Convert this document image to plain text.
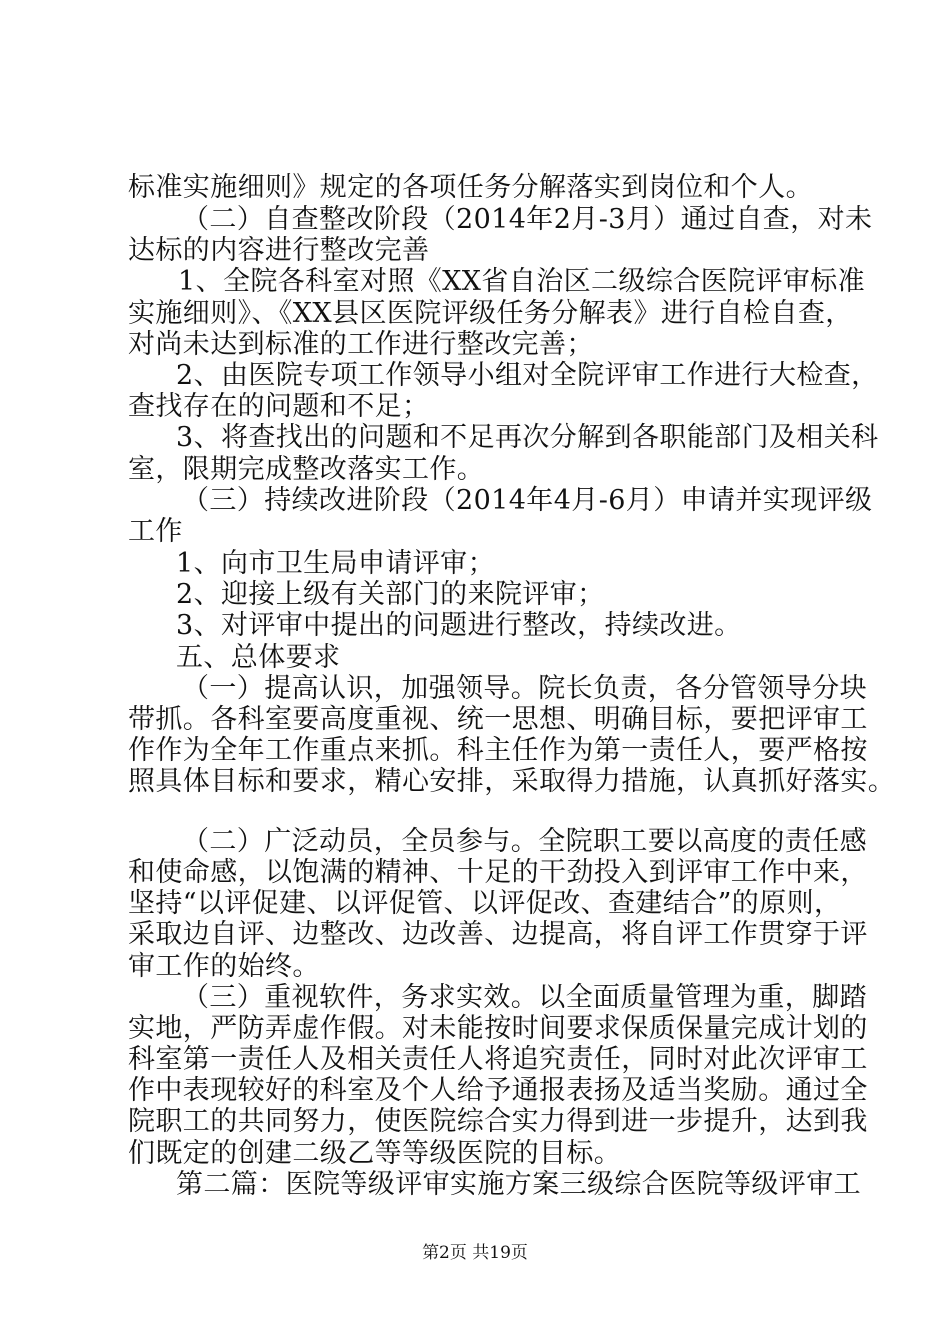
标准实施细则》规定的各项任务分解落实到岗位和个人。
（二）自查整改阶段（2014年2月-3月）通过自查，对未
达标的内容进行整改完善
1、全院各科室对照《XX省自治区二级综合医院评审标准
实施细则》、《XX县区医院评级任务分解表》进行自检自查，
对尚未达到标准的工作进行整改完善；
2、由医院专项工作领导小组对全院评审工作进行大检查，
查找存在的问题和不足；
3、将查找出的问题和不足再次分解到各职能部门及相关科
室，限期完成整改落实工作。
（三）持续改进阶段（2014年4月-6月）申请并实现评级
工作
1、向市卫生局申请评审；
2、迎接上级有关部门的来院评审；
3、对评审中提出的问题进行整改，持续改进。
五、总体要求
（一）提高认识，加强领导。院长负责，各分管领导分块
带抓。各科室要高度重视、统一思想、明确目标，要把评审工
作作为全年工作重点来抓。科主任作为第一责任人，要严格按
照具体目标和要求，精心安排，采取得力措施，认真抓好落实。
（二）广泛动员，全员参与。全院职工要以高度的责任感
和使命感，以饱满的精神、十足的干劲投入到评审工作中来，
坚持“以评促建、以评促管、以评促改、查建结合”的原则，
采取边自评、边整改、边改善、边提高，将自评工作贯穿于评
审工作的始终。
（三）重视软件，务求实效。以全面质量管理为重，脚踏
实地，严防弄虚作假。对未能按时间要求保质保量完成计划的
科室第一责任人及相关责任人将追究责任，同时对此次评审工
作中表现较好的科室及个人给予通报表扬及适当奖励。通过全
院职工的共同努力，使医院综合实力得到进一步提升，达到我
们既定的创建二级乙等等级医院的目标。
第二篇：医院等级评审实施方案三级综合医院等级评审工
第2页 共19页
